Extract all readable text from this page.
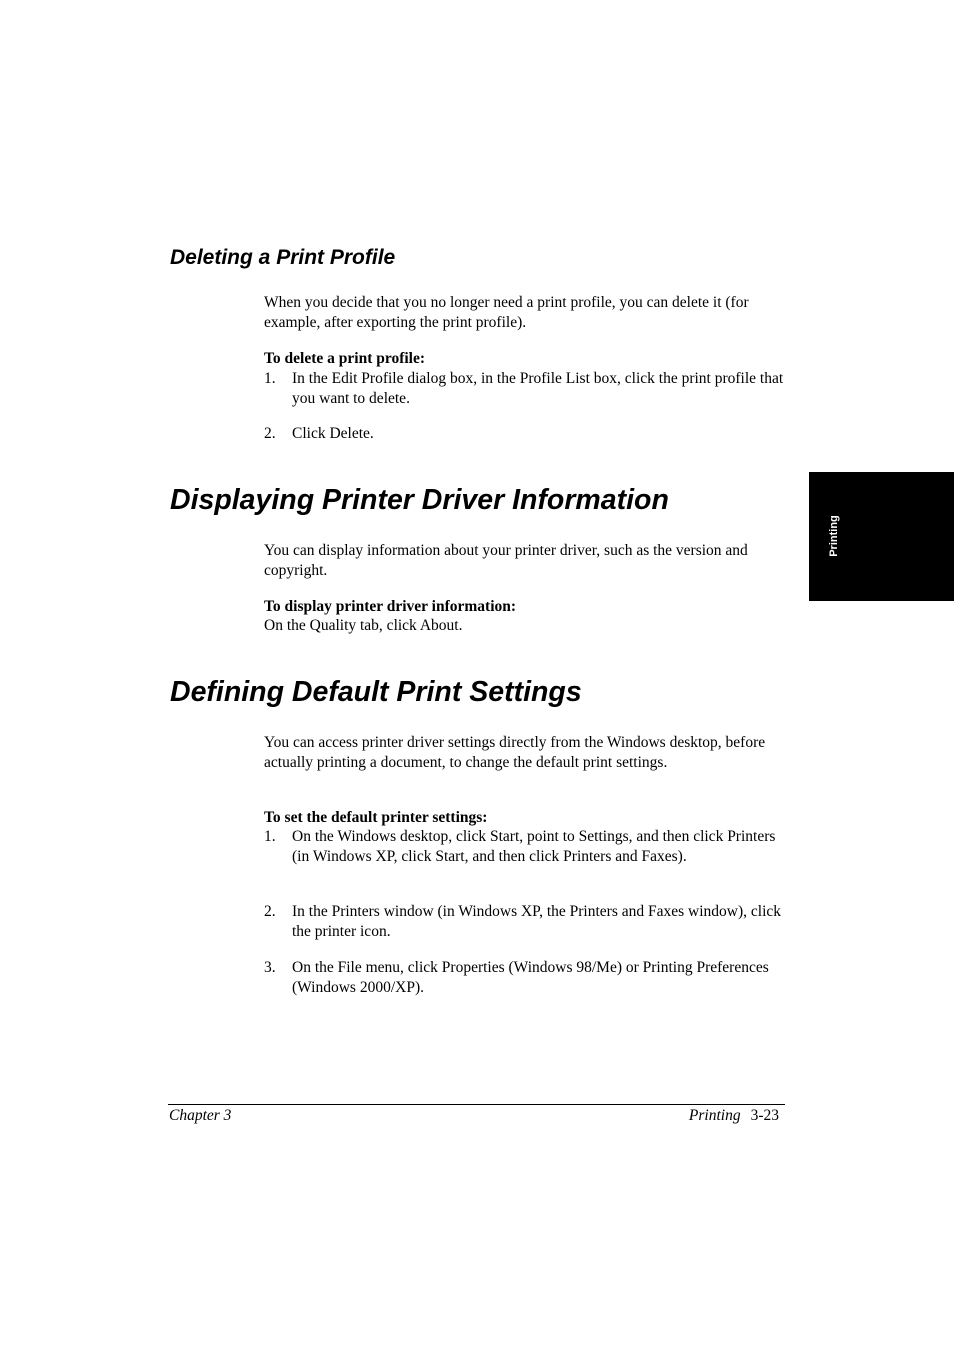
Deleting a Print Profile

When you decide that you no longer need a print profile, you can delete it (for example, after exporting the print profile).

To delete a print profile:

1. In the Edit Profile dialog box, in the Profile List box, click the print profile that you want to delete.
2. Click Delete.
Displaying Printer Driver Information

You can display information about your printer driver, such as the version and copyright.

To display printer driver information:

On the Quality tab, click About.

Defining Default Print Settings

You can access printer driver settings directly from the Windows desktop, before actually printing a document, to change the default print settings.

To set the default printer settings:

1. On the Windows desktop, click Start, point to Settings, and then click Printers (in Windows XP, click Start, and then click Printers and Faxes).
2. In the Printers window (in Windows XP, the Printers and Faxes window), click the printer icon.
3. On the File menu, click Properties (Windows 98/Me) or Printing Preferences (Windows 2000/XP).
Printing
Chapter 3	Printing 3-23
